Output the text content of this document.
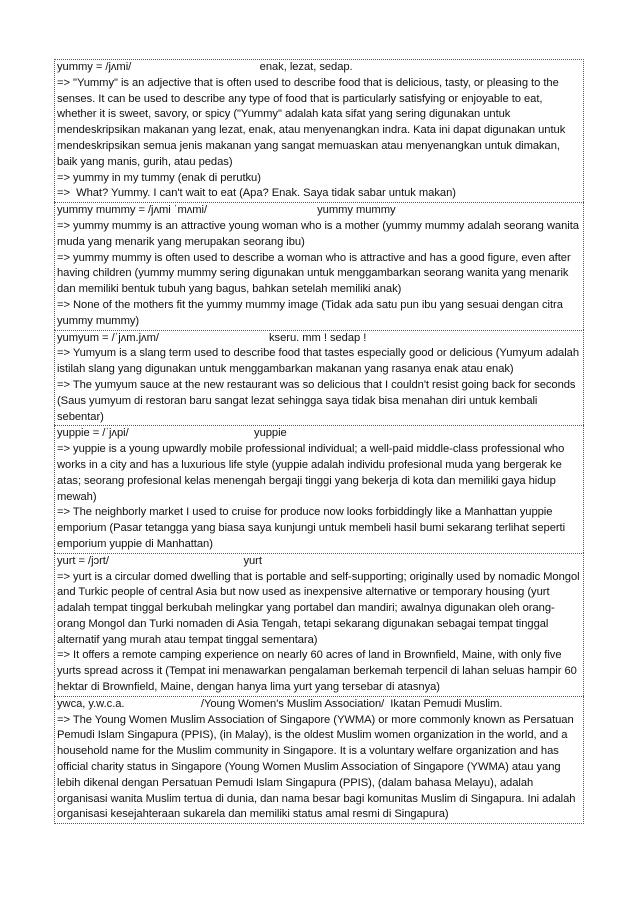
yummy = /jʌmi/                                          enak, lezat, sedap.
=> "Yummy" is an adjective that is often used to describe food that is delicious, tasty, or pleasing to the senses. It can be used to describe any type of food that is particularly satisfying or enjoyable to eat, whether it is sweet, savory, or spicy ("Yummy" adalah kata sifat yang sering digunakan untuk mendeskripsikan makanan yang lezat, enak, atau menyenangkan indra. Kata ini dapat digunakan untuk mendeskripsikan semua jenis makanan yang sangat memuaskan atau menyenangkan untuk dimakan, baik yang manis, gurih, atau pedas)
=> yummy in my tummy (enak di perutku)
=>  What? Yummy. I can't wait to eat (Apa? Enak. Saya tidak sabar untuk makan)
yummy mummy = /jʌmi ˈmʌmi/                                    yummy mummy
=> yummy mummy is an attractive young woman who is a mother (yummy mummy adalah seorang wanita muda yang menarik yang merupakan seorang ibu)
=> yummy mummy is often used to describe a woman who is attractive and has a good figure, even after having children (yummy mummy sering digunakan untuk menggambarkan seorang wanita yang menarik dan memiliki bentuk tubuh yang bagus, bahkan setelah memiliki anak)
=> None of the mothers fit the yummy mummy image (Tidak ada satu pun ibu yang sesuai dengan citra yummy mummy)
yumyum = /ˈjʌm.jʌm/                                    kseru. mm ! sedap !
=> Yumyum is a slang term used to describe food that tastes especially good or delicious (Yumyum adalah istilah slang yang digunakan untuk menggambarkan makanan yang rasanya enak atau enak)
=> The yumyum sauce at the new restaurant was so delicious that I couldn't resist going back for seconds (Saus yumyum di restoran baru sangat lezat sehingga saya tidak bisa menahan diri untuk kembali sebentar)
yuppie = /ˈjʌpi/                                         yuppie
=> yuppie is a young upwardly mobile professional individual; a well-paid middle-class professional who works in a city and has a luxurious life style (yuppie adalah individu profesional muda yang bergerak ke atas; seorang profesional kelas menengah bergaji tinggi yang bekerja di kota dan memiliki gaya hidup mewah)
=> The neighborly market I used to cruise for produce now looks forbiddingly like a Manhattan yuppie emporium (Pasar tetangga yang biasa saya kunjungi untuk membeli hasil bumi sekarang terlihat seperti emporium yuppie di Manhattan)
yurt = /jɔrt/                                            yurt
=> yurt is a circular domed dwelling that is portable and self-supporting; originally used by nomadic Mongol and Turkic people of central Asia but now used as inexpensive alternative or temporary housing (yurt adalah tempat tinggal berkubah melingkar yang portabel dan mandiri; awalnya digunakan oleh orang-orang Mongol dan Turki nomaden di Asia Tengah, tetapi sekarang digunakan sebagai tempat tinggal alternatif yang murah atau tempat tinggal sementara)
=> It offers a remote camping experience on nearly 60 acres of land in Brownfield, Maine, with only five yurts spread across it (Tempat ini menawarkan pengalaman berkemah terpencil di lahan seluas hampir 60 hektar di Brownfield, Maine, dengan hanya lima yurt yang tersebar di atasnya)
ywca, y.w.c.a.                         /Young Women's Muslim Association/  Ikatan Pemudi Muslim.
=> The Young Women Muslim Association of Singapore (YWMA) or more commonly known as Persatuan Pemudi Islam Singapura (PPIS), (in Malay), is the oldest Muslim women organization in the world, and a household name for the Muslim community in Singapore. It is a voluntary welfare organization and has official charity status in Singapore (Young Women Muslim Association of Singapore (YWMA) atau yang lebih dikenal dengan Persatuan Pemudi Islam Singapura (PPIS), (dalam bahasa Melayu), adalah organisasi wanita Muslim tertua di dunia, dan nama besar bagi komunitas Muslim di Singapura. Ini adalah organisasi kesejahteraan sukarela dan memiliki status amal resmi di Singapura)
